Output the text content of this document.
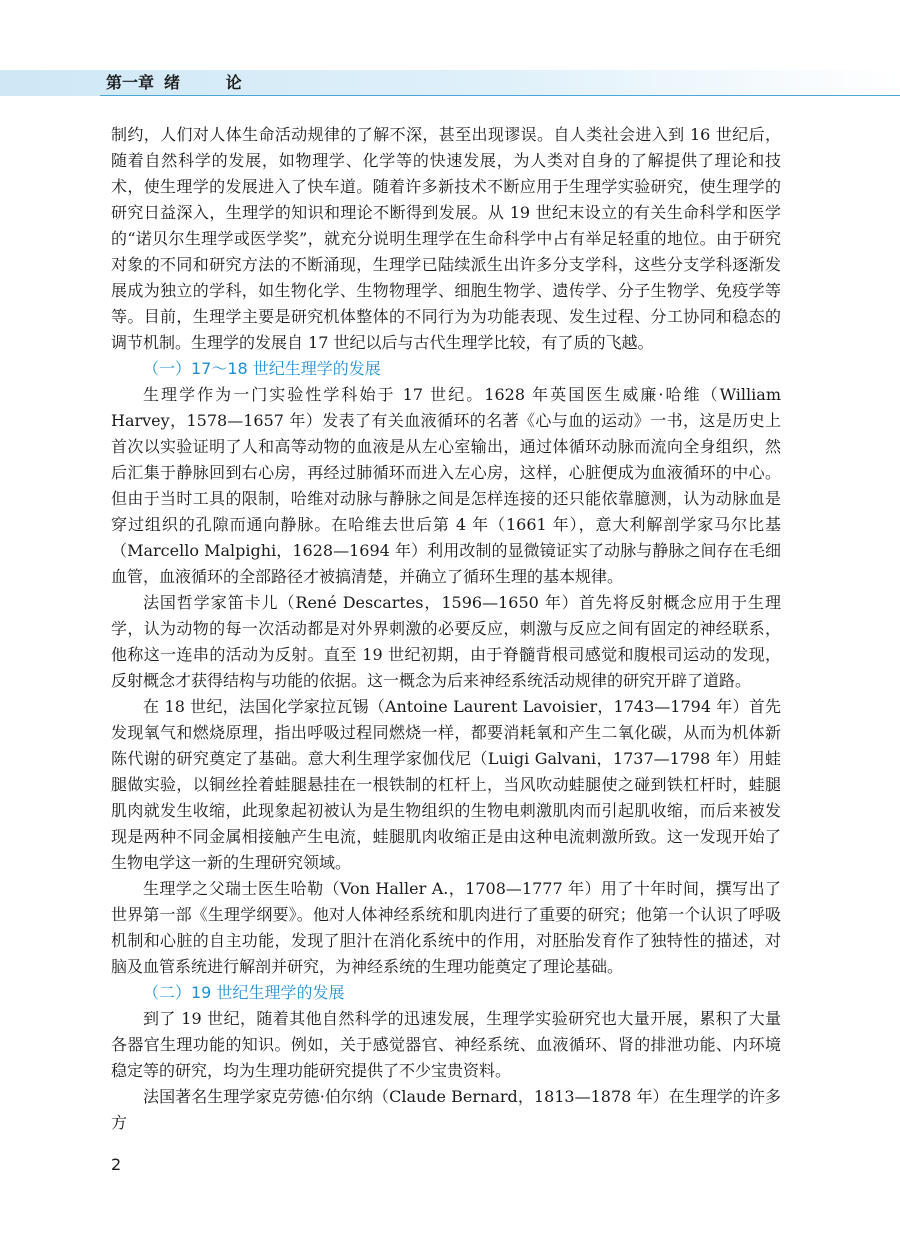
第一章 绪 论

制约，人们对人体生命活动规律的了解不深，甚至出现谬误。自人类社会进入到 16 世纪后，随着自然科学的发展，如物理学、化学等的快速发展，为人类对自身的了解提供了理论和技术，使生理学的发展进入了快车道。随着许多新技术不断应用于生理学实验研究，使生理学的研究日益深入，生理学的知识和理论不断得到发展。从 19 世纪末设立的有关生命科学和医学的“诺贝尔生理学或医学奖”，就充分说明生理学在生命科学中占有举足轻重的地位。由于研究对象的不同和研究方法的不断涌现，生理学已陆续派生出许多分支学科，这些分支学科逐渐发展成为独立的学科，如生物化学、生物物理学、细胞生物学、遗传学、分子生物学、免疫学等等。目前，生理学主要是研究机体整体的不同行为为功能表现、发生过程、分工协同和稳态的调节机制。生理学的发展自 17 世纪以后与古代生理学比较，有了质的飞越。

（一）17～18 世纪生理学的发展

生理学作为一门实验性学科始于 17 世纪。1628 年英国医生威廉·哈维（William Harvey，1578—1657 年）发表了有关血液循环的名著《心与血的运动》一书，这是历史上首次以实验证明了人和高等动物的血液是从左心室输出，通过体循环动脉而流向全身组织，然后汇集于静脉回到右心房，再经过肺循环而进入左心房，这样，心脏便成为血液循环的中心。但由于当时工具的限制，哈维对动脉与静脉之间是怎样连接的还只能依靠臆测，认为动脉血是穿过组织的孔隙而通向静脉。在哈维去世后第 4 年（1661 年），意大利解剖学家马尔比基（Marcello Malpighi，1628—1694 年）利用改制的显微镜证实了动脉与静脉之间存在毛细血管，血液循环的全部路径才被搞清楚，并确立了循环生理的基本规律。

法国哲学家笛卡儿（René Descartes，1596—1650 年）首先将反射概念应用于生理学，认为动物的每一次活动都是对外界刺激的必要反应，刺激与反应之间有固定的神经联系，他称这一连串的活动为反射。直至 19 世纪初期，由于脊髓背根司感觉和腹根司运动的发现，反射概念才获得结构与功能的依据。这一概念为后来神经系统活动规律的研究开辟了道路。

在 18 世纪，法国化学家拉瓦锡（Antoine Laurent Lavoisier，1743—1794 年）首先发现氧气和燃烧原理，指出呼吸过程同燃烧一样，都要消耗氧和产生二氧化碳，从而为机体新陈代谢的研究奠定了基础。意大利生理学家伽伐尼（Luigi Galvani，1737—1798 年）用蛙腿做实验，以铜丝拴着蛙腿悬挂在一根铁制的杠杆上，当风吹动蛙腿使之碰到铁杠杆时，蛙腿肌肉就发生收缩，此现象起初被认为是生物组织的生物电刺激肌肉而引起肌收缩，而后来被发现是两种不同金属相接触产生电流，蛙腿肌肉收缩正是由这种电流刺激所致。这一发现开始了生物电学这一新的生理研究领域。

生理学之父瑞士医生哈勒（Von Haller A.，1708—1777 年）用了十年时间，撰写出了世界第一部《生理学纲要》。他对人体神经系统和肌肉进行了重要的研究；他第一个认识了呼吸机制和心脏的自主功能，发现了胆汁在消化系统中的作用，对胚胎发育作了独特性的描述，对脑及血管系统进行解剖并研究，为神经系统的生理功能奠定了理论基础。

（二）19 世纪生理学的发展

到了 19 世纪，随着其他自然科学的迅速发展，生理学实验研究也大量开展，累积了大量各器官生理功能的知识。例如，关于感觉器官、神经系统、血液循环、肾的排泄功能、内环境稳定等的研究，均为生理功能研究提供了不少宝贵资料。

法国著名生理学家克劳德·伯尔纳（Claude Bernard，1813—1878 年）在生理学的许多方

2
